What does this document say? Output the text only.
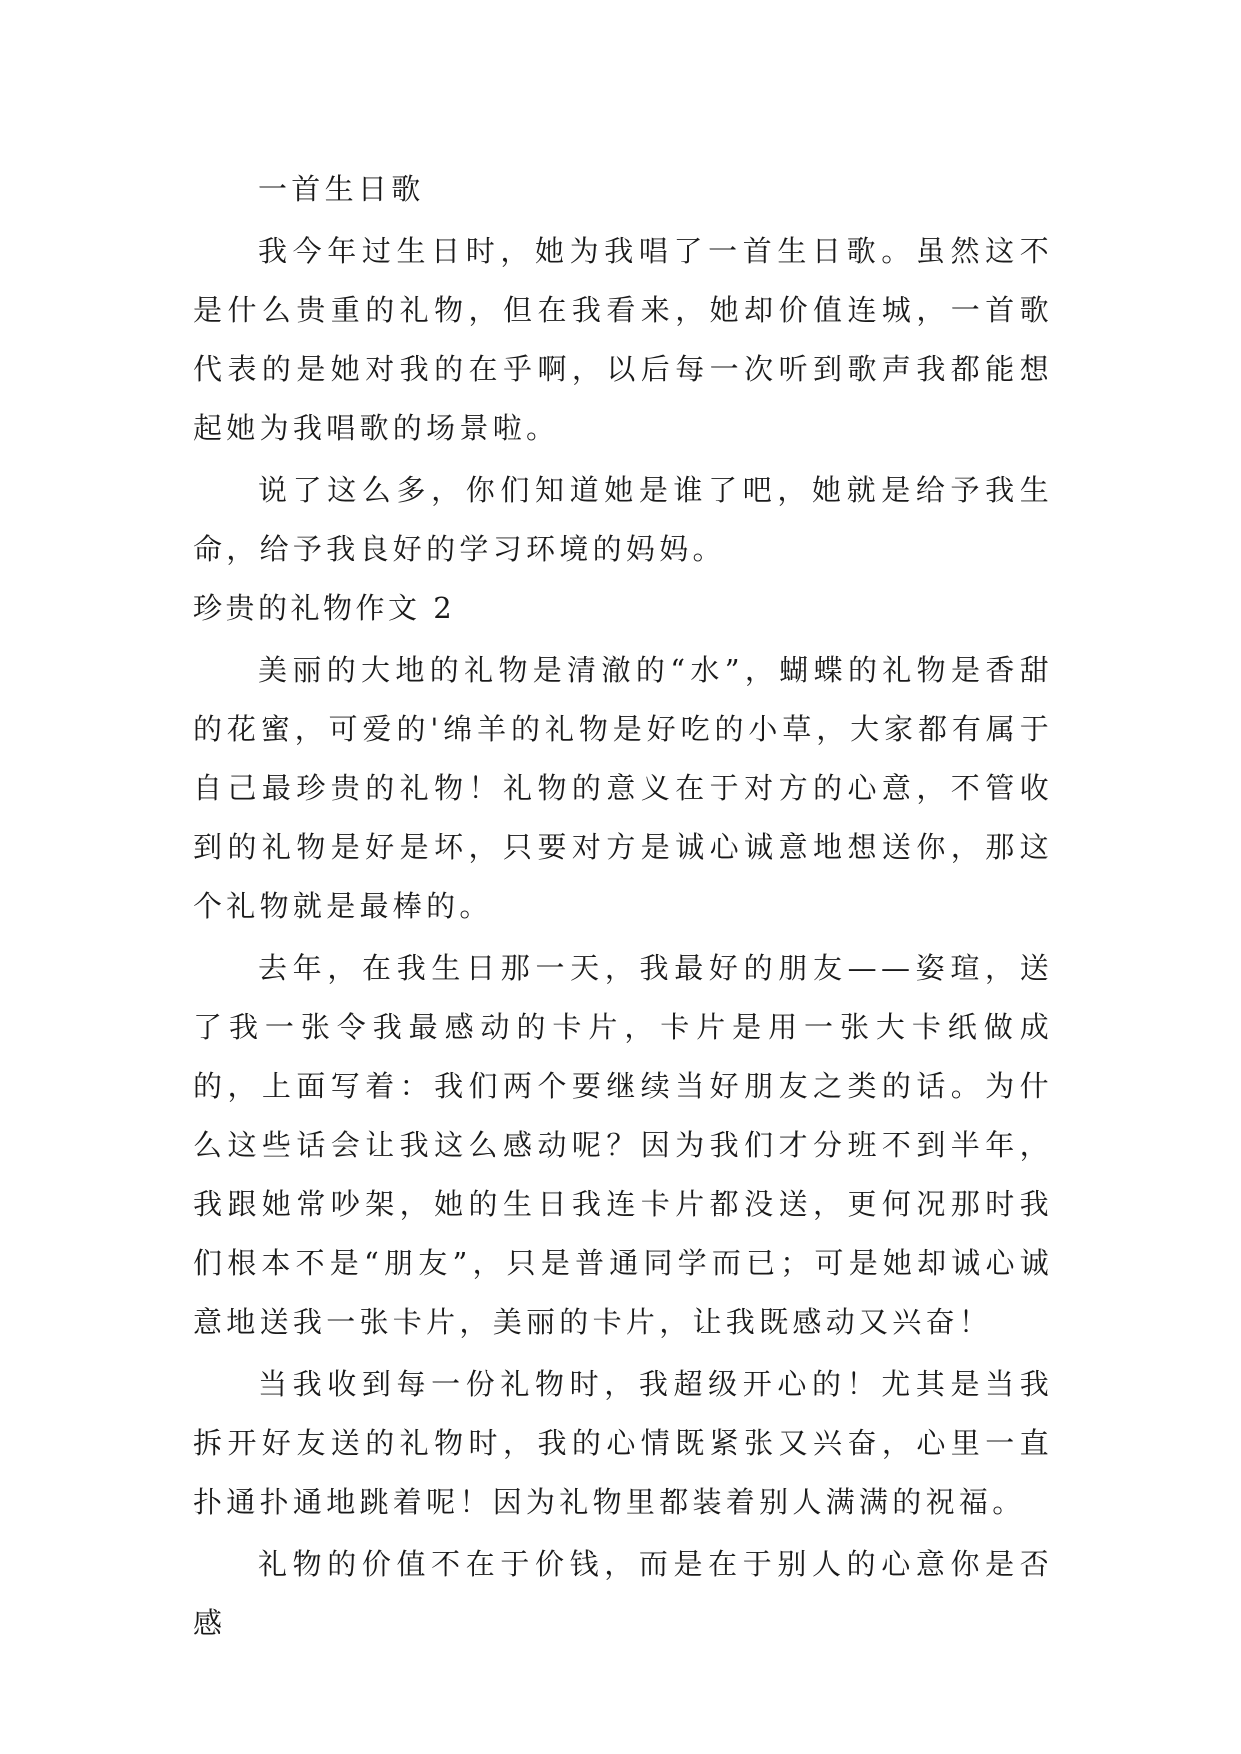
一首生日歌

我今年过生日时，她为我唱了一首生日歌。虽然这不是什么贵重的礼物，但在我看来，她却价值连城，一首歌代表的是她对我的在乎啊，以后每一次听到歌声我都能想起她为我唱歌的场景啦。

说了这么多，你们知道她是谁了吧，她就是给予我生命，给予我良好的学习环境的妈妈。

珍贵的礼物作文 2

美丽的大地的礼物是清澈的“水”，蝴蝶的礼物是香甜的花蜜，可爱的'绵羊的礼物是好吃的小草，大家都有属于自己最珍贵的礼物！礼物的意义在于对方的心意，不管收到的礼物是好是坏，只要对方是诚心诚意地想送你，那这个礼物就是最棒的。

去年，在我生日那一天，我最好的朋友——姿瑄，送了我一张令我最感动的卡片，卡片是用一张大卡纸做成的，上面写着：我们两个要继续当好朋友之类的话。为什么这些话会让我这么感动呢？因为我们才分班不到半年，我跟她常吵架，她的生日我连卡片都没送，更何况那时我们根本不是“朋友”，只是普通同学而已；可是她却诚心诚意地送我一张卡片，美丽的卡片，让我既感动又兴奋！

当我收到每一份礼物时，我超级开心的！尤其是当我拆开好友送的礼物时，我的心情既紧张又兴奋，心里一直扑通扑通地跳着呢！因为礼物里都装着别人满满的祝福。

礼物的价值不在于价钱，而是在于别人的心意你是否感
